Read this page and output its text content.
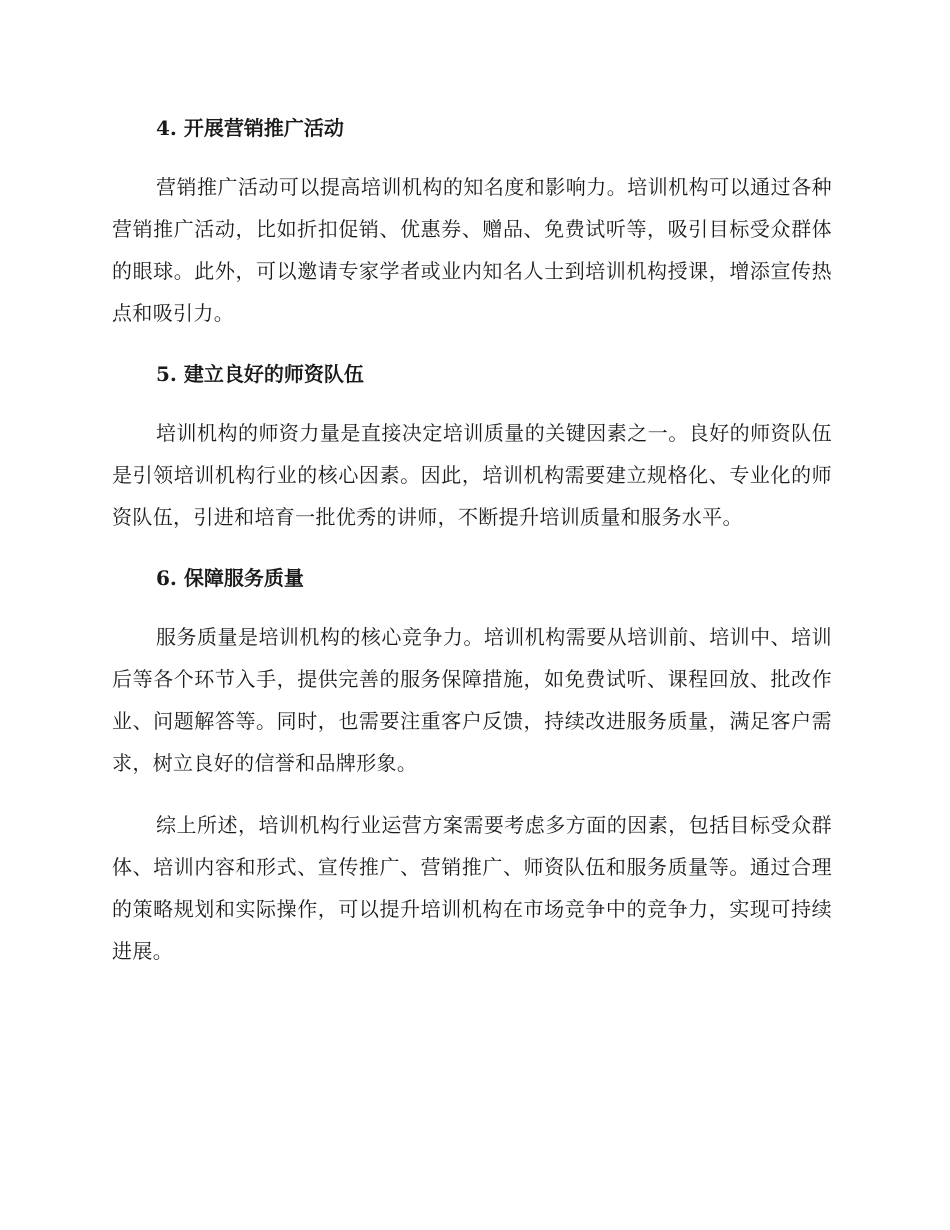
4. 开展营销推广活动

营销推广活动可以提高培训机构的知名度和影响力。培训机构可以通过各种营销推广活动，比如折扣促销、优惠券、赠品、免费试听等，吸引目标受众群体的眼球。此外，可以邀请专家学者或业内知名人士到培训机构授课，增添宣传热点和吸引力。

5. 建立良好的师资队伍

培训机构的师资力量是直接决定培训质量的关键因素之一。良好的师资队伍是引领培训机构行业的核心因素。因此，培训机构需要建立规格化、专业化的师资队伍，引进和培育一批优秀的讲师，不断提升培训质量和服务水平。

6. 保障服务质量

服务质量是培训机构的核心竞争力。培训机构需要从培训前、培训中、培训后等各个环节入手，提供完善的服务保障措施，如免费试听、课程回放、批改作业、问题解答等。同时，也需要注重客户反馈，持续改进服务质量，满足客户需求，树立良好的信誉和品牌形象。

综上所述，培训机构行业运营方案需要考虑多方面的因素，包括目标受众群体、培训内容和形式、宣传推广、营销推广、师资队伍和服务质量等。通过合理的策略规划和实际操作，可以提升培训机构在市场竞争中的竞争力，实现可持续进展。
